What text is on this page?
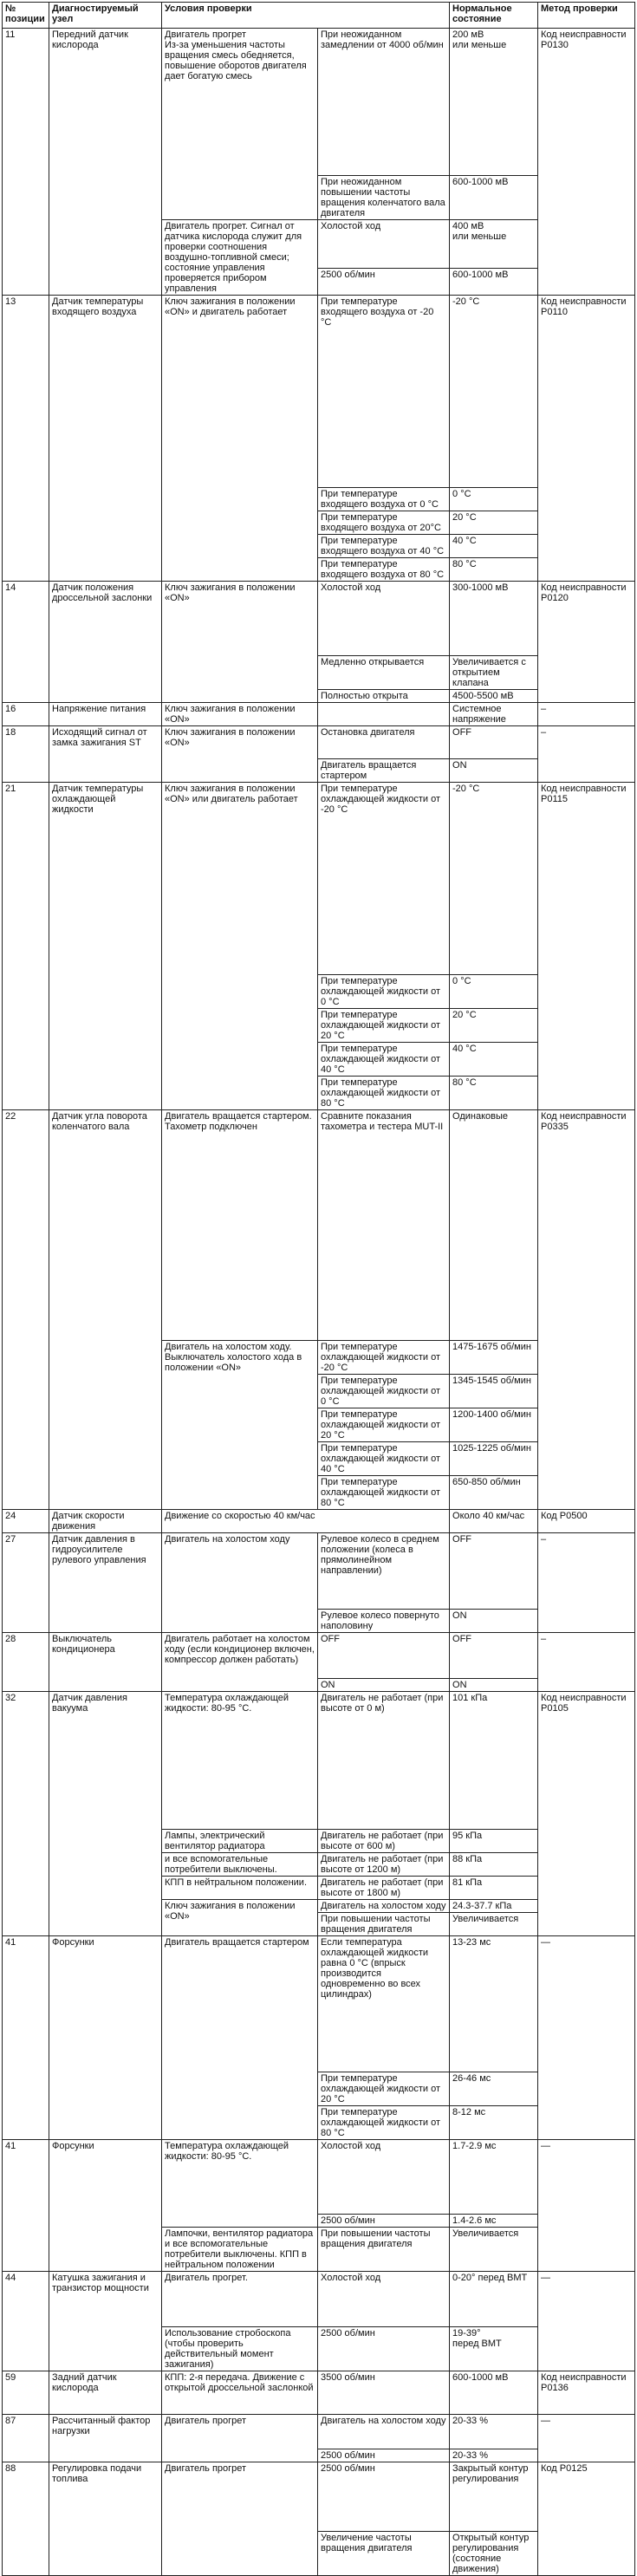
№ позиции	Диагностируемый узел	Условия проверки		Нормальное состояние	Метод проверки
11	Передний датчик кислорода	Двигатель прогрет
Из-за уменьшения частоты вращения смесь обедняется, повышение оборотов двигателя дает богатую смесь	При неожиданном замедлении от 4000 об/мин	200 мВ
или меньше	Код неисправности Р0130
			При неожиданном повышении частоты вращения коленчатого вала двигателя	600-1000 мВ	
		Двигатель прогрет. Сигнал от датчика кислорода служит для проверки соотношения воздушно-топливной смеси; состояние управления проверяется прибором управления	Холостой ход	400 мВ
или меньше	
			2500 об/мин	600-1000 мВ	
13	Датчик температуры входящего воздуха	Ключ зажигания в положении «ON» и двигатель работает	При температуре входящего воздуха от -20 °С	-20 °С	Код неисправности Р0110
			При температуре входящего воздуха от 0 °С	0 °С	
			При температуре входящего воздуха от 20°С	20 °С	
			При температуре входящего воздуха от 40 °С	40 °С	
			При температуре входящего воздуха от 80 °С	80 °С	
14	Датчик положения дроссельной заслонки	Ключ зажигания в положении «ON»	Холостой ход	300-1000 мВ	Код неисправности Р0120
			Медленно открывается	Увеличивается с открытием клапана	
			Полностью открыта	4500-5500 мВ	
16	Напряжение питания	Ключ зажигания в положении «ON»		Системное напряжение	–
18	Исходящий сигнал от замка зажигания ST	Ключ зажигания в положении «ON»	Остановка двигателя	OFF	–
			Двигатель вращается стартером	ON	
21	Датчик температуры охлаждающей жидкости	Ключ зажигания в положении «ON» или двигатель работает	При температуре охлаждающей жидкости от -20 °С	-20 °С	Код неисправности Р0115
			При температуре охлаждающей жидкости от 0 °С	0 °С	
			При температуре охлаждающей жидкости от 20 °С	20 °С	
			При температуре охлаждающей жидкости от 40 °С	40 °С	
			При температуре охлаждающей жидкости от 80 °С	80 °С	
22	Датчик угла поворота коленчатого вала	Двигатель вращается стартером.
Тахометр подключен	Сравните показания тахометра и тестера MUT-II	Одинаковые	Код неисправности Р0335
		Двигатель на холостом ходу. Выключатель холостого хода в положении «ON»	При температуре охлаждающей жидкости от -20 °С	1475-1675 об/мин	
			При температуре охлаждающей жидкости от 0 °С	1345-1545 об/мин	
			При температуре охлаждающей жидкости от 20 °С	1200-1400 об/мин	
			При температуре охлаждающей жидкости от 40 °С	1025-1225 об/мин	
			При температуре охлаждающей жидкости от 80 °С	650-850 об/мин	
24	Датчик скорости движения	Движение со скоростью 40 км/час		Около 40 км/час	Код Р0500
27	Датчик давления в гидроусилителе рулевого управления	Двигатель на холостом ходу	Рулевое колесо в среднем положении (колеса в прямолинейном направлении)	OFF	–
			Рулевое колесо повернуто наполовину	ON	
28	Выключатель кондиционера	Двигатель работает на холостом ходу (если кондиционер включен, компрессор должен работать)	OFF	OFF	–
			ON	ON	
32	Датчик давления вакуума	Температура охлаждающей жидкости: 80-95 °С.	Двигатель не работает (при высоте от 0 м)	101 кПа	Код неисправности Р0105
		Лампы, электрический вентилятор радиатора	Двигатель не работает (при высоте от 600 м)	95 кПа	
		и все вспомогательные потребители выключены.	Двигатель не работает (при высоте от 1200 м)	88 кПа	
		КПП в нейтральном положении.	Двигатель не работает (при высоте от 1800 м)	81 кПа	
		Ключ зажигания в положении «ON»	Двигатель на холостом ходу	24.3-37.7 кПа	
			При повышении частоты вращения двигателя	Увеличивается	
41	Форсунки	Двигатель вращается стартером	Если температура охлаждающей жидкости равна 0 °С (впрыск производится одновременно во всех цилиндрах)	13-23 мс	—
			При температуре охлаждающей жидкости от 20 °С	26-46 мс	
			При температуре охлаждающей жидкости от 80 °С	8-12 мс	
41	Форсунки	Температура охлаждающей жидкости: 80-95 °С.	Холостой ход	1.7-2.9 мс	—
			2500 об/мин	1.4-2.6 мс	
		Лампочки, вентилятор радиатора и все вспомогательные потребители выключены. КПП в нейтральном положении	При повышении частоты вращения двигателя	Увеличивается	
44	Катушка зажигания и транзистор мощности	Двигатель прогрет.	Холостой ход	0-20° перед ВМТ	—
		Использование стробоскопа (чтобы проверить действительный момент зажигания)	2500 об/мин	19-39°
перед ВМТ	
59	Задний датчик кислорода	КПП: 2-я передача. Движение с открытой дроссельной заслонкой	3500 об/мин	600-1000 мВ	Код неисправности Р0136
87	Рассчитанный фактор нагрузки	Двигатель прогрет	Двигатель на холостом ходу	20-33 %	—
			2500 об/мин	20-33 %	
88	Регулировка подачи топлива	Двигатель прогрет	2500 об/мин	Закрытый контур регулирования	Код Р0125
			Увеличение частоты вращения двигателя	Открытый контур регулирования (состояние движения)	
